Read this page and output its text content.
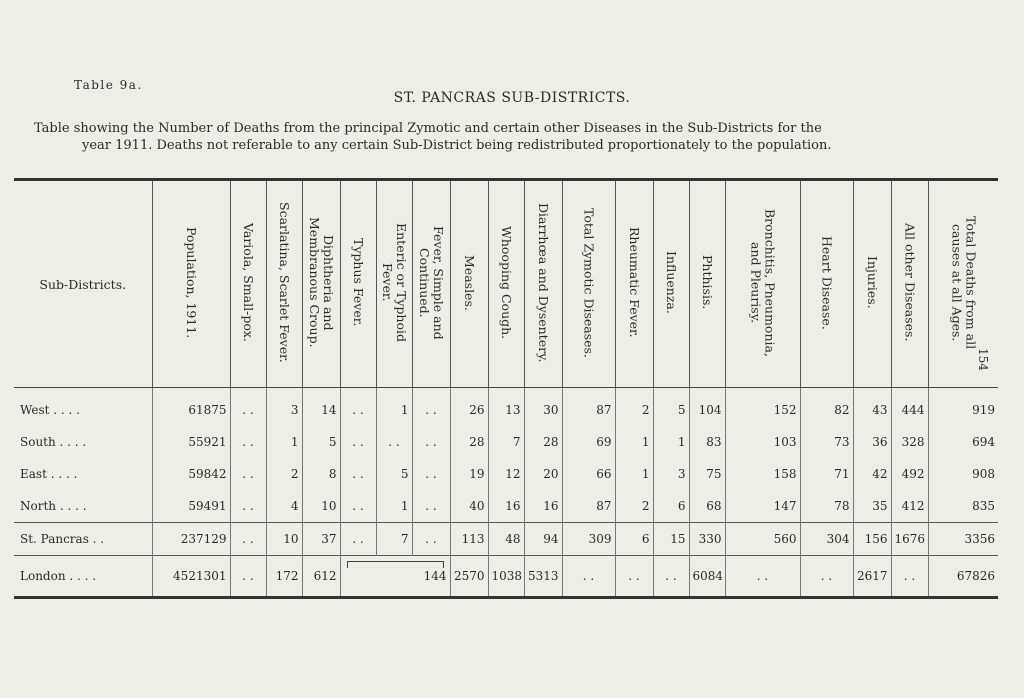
Table 9a.
ST. PANCRAS SUB-DISTRICTS.
Table showing the Number of Deaths from the principal Zymotic and certain other Diseases in the Sub-Districts for the
year 1911. Deaths not referable to any certain Sub-District being redistributed proportionately to the population.
154
Sub-Districts.	Population, 1911.	Variola, Small-pox.	Scarlatina, Scarlet Fever.	Diphtheria and
Membranous Croup.	Typhus Fever.	Enteric or Typhoid
Fever.	Fever, Simple and
Continued.	Measles.	Whooping Cough.	Diarrhœa and Dysentery.	Total Zymotic Diseases.	Rheumatic Fever.	Influenza.	Phthisis.	Bronchitis, Pneumonia,
and Pleurisy.	Heart Disease.	Injuries.	All other Diseases.	Total Deaths from all
causes at all Ages.
West . . . .	61875	. .	3	14	. .	1	. .	26	13	30	87	2	5	104	152	82	43	444	919
South . . . .	55921	. .	1	5	. .	. .	. .	28	7	28	69	1	1	83	103	73	36	328	694
East . . . .	59842	. .	2	8	. .	5	. .	19	12	20	66	1	3	75	158	71	42	492	908
North . . . .	59491	. .	4	10	. .	1	. .	40	16	16	87	2	6	68	147	78	35	412	835
St. Pancras . .	237129	. .	10	37	. .	7	. .	113	48	94	309	6	15	330	560	304	156	1676	3356
London . . . .	4521301	. .	172	612	144			2570	1038	5313	. .	. .	. .	6084	. .	. .	2617	. .	67826
